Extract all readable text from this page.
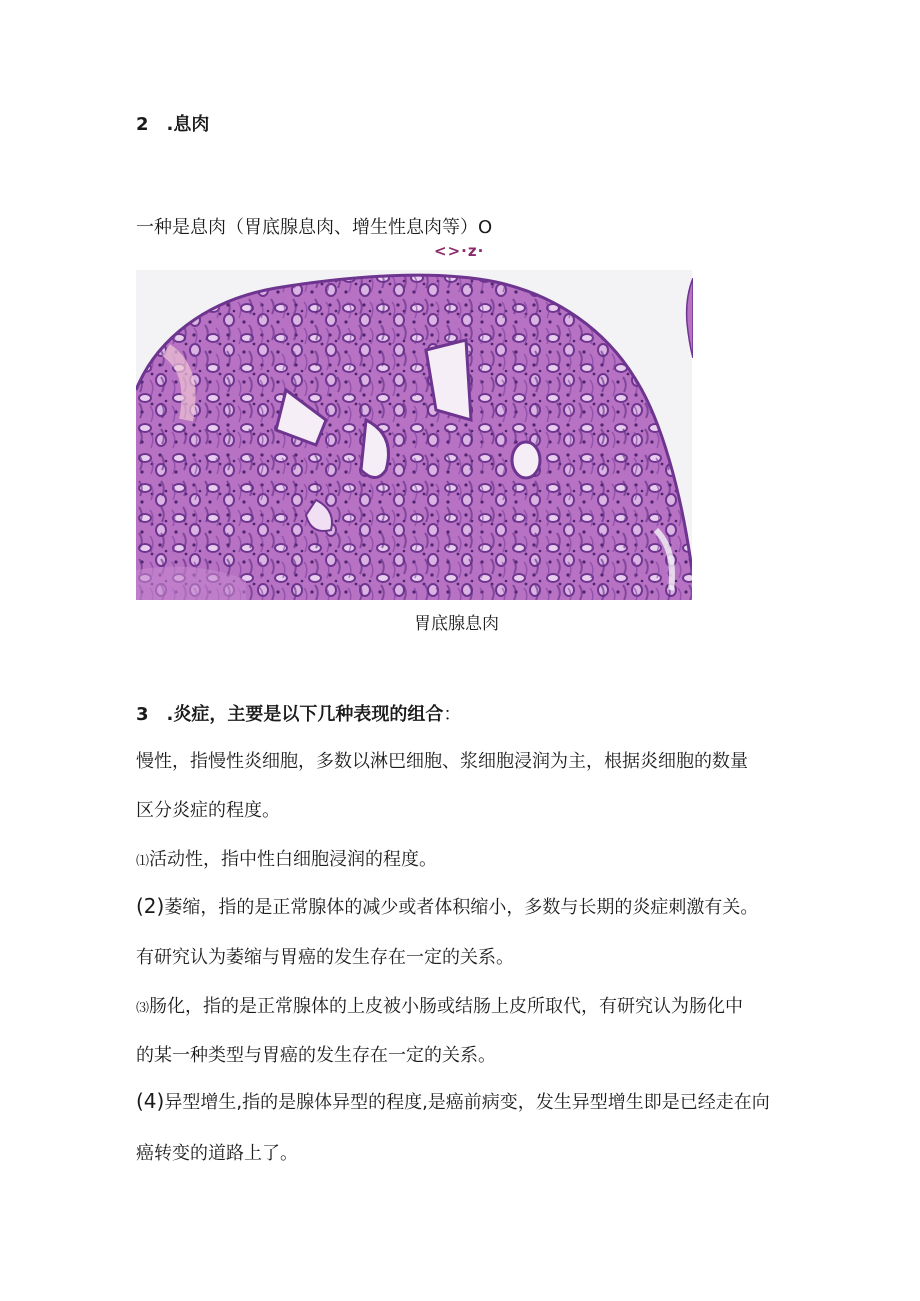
2　.息肉
一种是息肉（胃底腺息肉、增生性息肉等）O
<>·z·
胃底腺息肉
3　.炎症，主要是以下几种表现的组合：
慢性，指慢性炎细胞，多数以淋巴细胞、浆细胞浸润为主，根据炎细胞的数量
区分炎症的程度。
⑴活动性，指中性白细胞浸润的程度。
(2)萎缩，指的是正常腺体的减少或者体积缩小，多数与长期的炎症刺激有关。
有研究认为萎缩与胃癌的发生存在一定的关系。
⑶肠化，指的是正常腺体的上皮被小肠或结肠上皮所取代，有研究认为肠化中
的某一种类型与胃癌的发生存在一定的关系。
(4)异型增生,指的是腺体异型的程度,是癌前病变，发生异型增生即是已经走在向
癌转变的道路上了。
